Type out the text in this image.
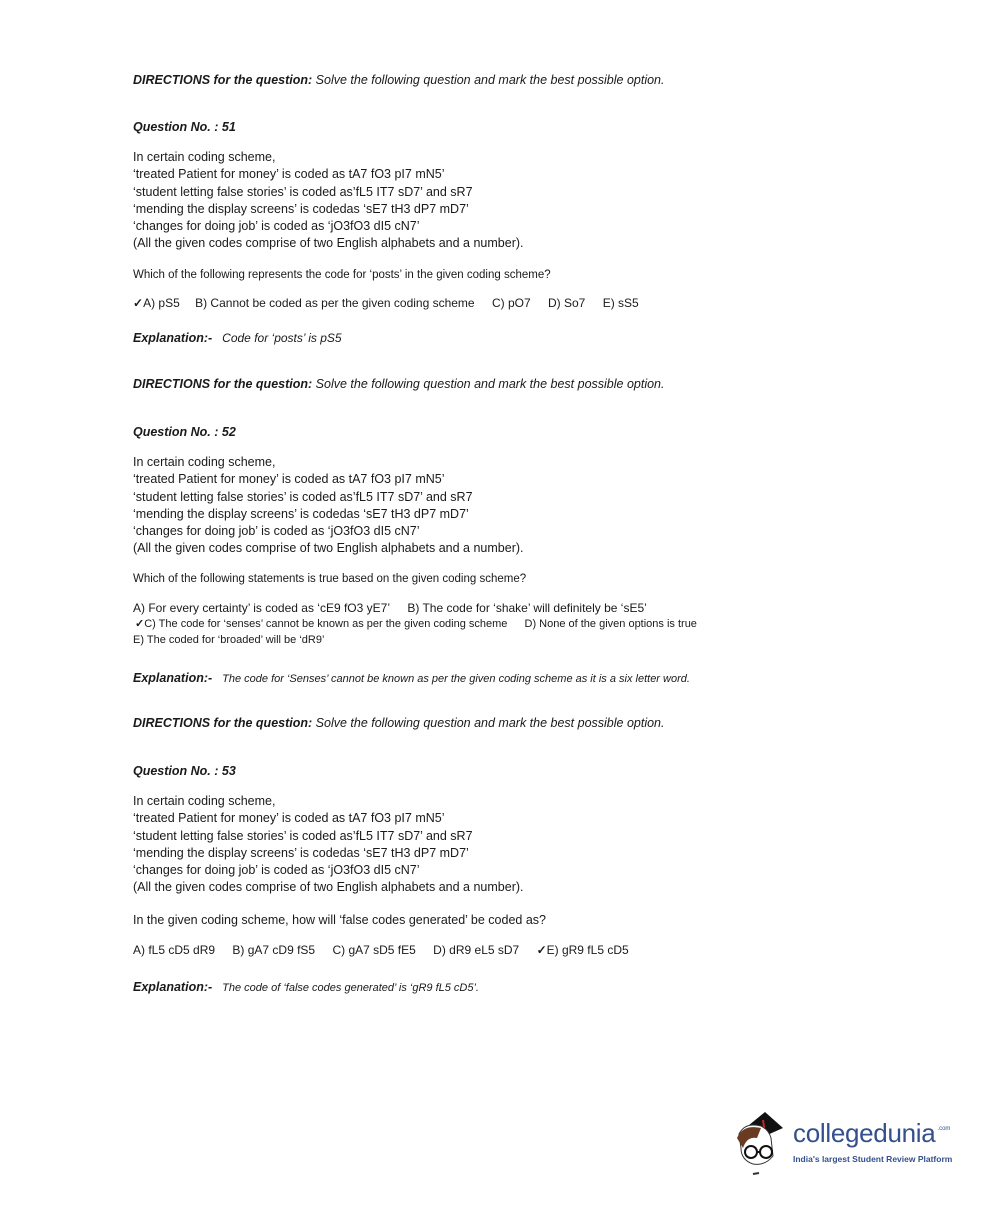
DIRECTIONS for the question: Solve the following question and mark the best possible option.
Question No. : 51
In certain coding scheme,
‘treated Patient for money’ is coded as tA7 fO3 pI7 mN5’
‘student letting false stories’ is coded as’fL5 IT7 sD7’ and sR7
‘mending the display screens’ is codedas ‘sE7 tH3 dP7 mD7’
‘changes for doing job’ is coded as ‘jO3fO3 dI5 cN7’
(All the given codes comprise of two English alphabets and a number).
Which of the following represents the code for ‘posts’ in the given coding scheme?
✓A) pS5 B) Cannot be coded as per the given coding scheme C) pO7 D) So7 E) sS5
Explanation:- Code for ‘posts’ is pS5
DIRECTIONS for the question: Solve the following question and mark the best possible option.
Question No. : 52
In certain coding scheme,
‘treated Patient for money’ is coded as tA7 fO3 pI7 mN5’
‘student letting false stories’ is coded as’fL5 IT7 sD7’ and sR7
‘mending the display screens’ is codedas ‘sE7 tH3 dP7 mD7’
‘changes for doing job’ is coded as ‘jO3fO3 dI5 cN7’
(All the given codes comprise of two English alphabets and a number).
Which of the following statements is true based on the given coding scheme?
A) For every certainty’ is coded as ‘cE9 fO3 yE7’ B) The code for ‘shake’ will definitely be ‘sE5’
✓C) The code for ‘senses’ cannot be known as per the given coding scheme D) None of the given options is true
E) The coded for ‘broaded’ will be ‘dR9’
Explanation:- The code for ‘Senses’ cannot be known as per the given coding scheme as it is a six letter word.
DIRECTIONS for the question: Solve the following question and mark the best possible option.
Question No. : 53
In certain coding scheme,
‘treated Patient for money’ is coded as tA7 fO3 pI7 mN5’
‘student letting false stories’ is coded as’fL5 IT7 sD7’ and sR7
‘mending the display screens’ is codedas ‘sE7 tH3 dP7 mD7’
‘changes for doing job’ is coded as ‘jO3fO3 dI5 cN7’
(All the given codes comprise of two English alphabets and a number).
In the given coding scheme, how will ‘false codes generated’ be coded as?
A) fL5 cD5 dR9 B) gA7 cD9 fS5 C) gA7 sD5 fE5 D) dR9 eL5 sD7 ✓E) gR9 fL5 cD5
Explanation:- The code of ‘false codes generated’ is ‘gR9 fL5 cD5’.
collegedunia .com
India's largest Student Review Platform
